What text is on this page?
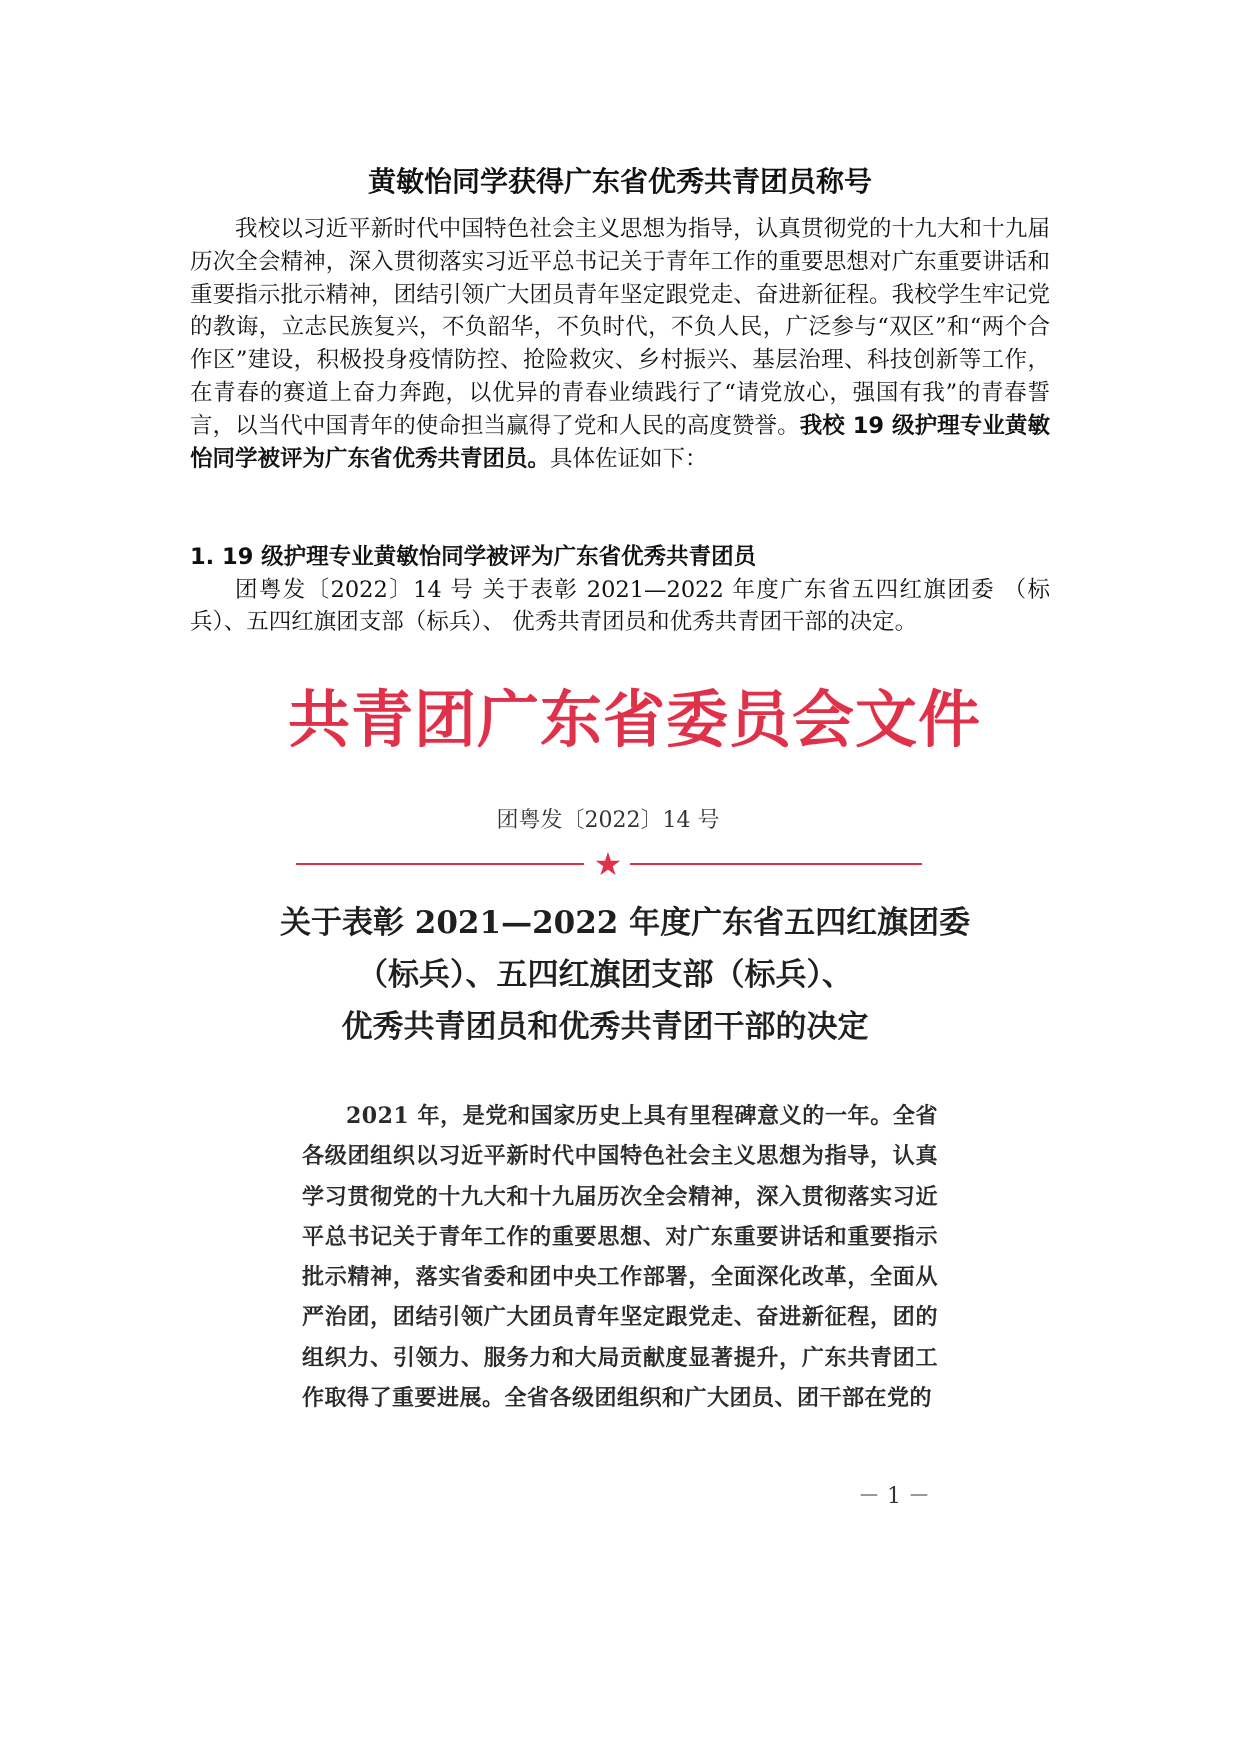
黄敏怡同学获得广东省优秀共青团员称号

我校以习近平新时代中国特色社会主义思想为指导，认真贯彻党的十九大和十九届历次全会精神，深入贯彻落实习近平总书记关于青年工作的重要思想对广东重要讲话和重要指示批示精神，团结引领广大团员青年坚定跟党走、奋进新征程。我校学生牢记党的教诲，立志民族复兴，不负韶华，不负时代，不负人民，广泛参与“双区”和“两个合作区”建设，积极投身疫情防控、抢险救灾、乡村振兴、基层治理、科技创新等工作，在青春的赛道上奋力奔跑，以优异的青春业绩践行了“请党放心，强国有我”的青春誓言，以当代中国青年的使命担当赢得了党和人民的高度赞誉。我校 19 级护理专业黄敏怡同学被评为广东省优秀共青团员。具体佐证如下：

1. 19 级护理专业黄敏怡同学被评为广东省优秀共青团员

团粤发〔2022〕14 号 关于表彰 2021—2022 年度广东省五四红旗团委 （标兵）、五四红旗团支部（标兵）、 优秀共青团员和优秀共青团干部的决定。

共青团广东省委员会文件
团粤发〔2022〕14 号
★
关于表彰 2021—2022 年度广东省五四红旗团委
（标兵）、五四红旗团支部（标兵）、
优秀共青团员和优秀共青团干部的决定

2021 年，是党和国家历史上具有里程碑意义的一年。全省各级团组织以习近平新时代中国特色社会主义思想为指导，认真学习贯彻党的十九大和十九届历次全会精神，深入贯彻落实习近平总书记关于青年工作的重要思想、对广东重要讲话和重要指示批示精神，落实省委和团中央工作部署，全面深化改革，全面从严治团，团结引领广大团员青年坚定跟党走、奋进新征程，团的组织力、引领力、服务力和大局贡献度显著提升，广东共青团工作取得了重要进展。全省各级团组织和广大团员、团干部在党的

－ 1 －
